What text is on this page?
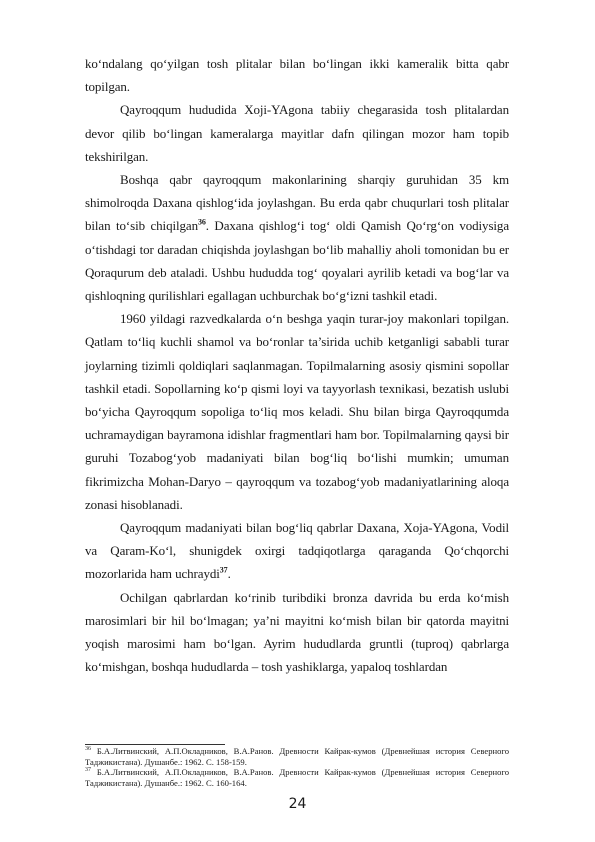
ko‘ndalang qo‘yilgan tosh plitalar bilan bo‘lingan ikki kameralik bitta qabr topilgan.

Qayroqqum hududida Xoji-YAgona tabiiy chegarasida tosh plitalardan devor qilib bo‘lingan kameralarga mayitlar dafn qilingan mozor ham topib tekshirilgan.

Boshqa qabr qayroqqum makonlarining sharqiy guruhidan 35 km shimolroqda Daxana qishlog‘ida joylashgan. Bu erda qabr chuqurlari tosh plitalar bilan to‘sib chiqilgan$^{36}$. Daxana qishlog‘i tog‘ oldi Qamish Qo‘rg‘on vodiysiga o‘tishdagi tor daradan chiqishda joylashgan bo‘lib mahalliy aholi tomonidan bu er Qoraqurum deb ataladi. Ushbu hududda tog‘ qoyalari ayrilib ketadi va bog‘lar va qishloqning qurilishlari egallagan uchburchak bo‘g‘izni tashkil etadi.

1960 yildagi razvedkalarda o‘n beshga yaqin turar-joy makonlari topilgan. Qatlam to‘liq kuchli shamol va bo‘ronlar ta’sirida uchib ketganligi sababli turar joylarning tizimli qoldiqlari saqlanmagan. Topilmalarning asosiy qismini sopollar tashkil etadi. Sopollarning ko‘p qismi loyi va tayyorlash texnikasi, bezatish uslubi bo‘yicha Qayroqqum sopoliga to‘liq mos keladi. Shu bilan birga Qayroqqumda uchramaydigan bayramona idishlar fragmentlari ham bor. Topilmalarning qaysi bir guruhi Tozabog‘yob madaniyati bilan bog‘liq bo‘lishi mumkin; umuman fikrimizcha Mohan-Daryo – qayroqqum va tozabog‘yob madaniyatlarining aloqa zonasi hisoblanadi.

Qayroqqum madaniyati bilan bog‘liq qabrlar Daxana, Xoja-YAgona, Vodil va Qaram-Ko‘l, shunigdek oxirgi tadqiqotlarga qaraganda Qo‘chqorchi mozorlarida ham uchraydi$^{37}$.

Ochilgan qabrlardan ko‘rinib turibdiki bronza davrida bu erda ko‘mish marosimlari bir hil bo‘lmagan; ya’ni mayitni ko‘mish bilan bir qatorda mayitni yoqish marosimi ham bo‘lgan. Ayrim hududlarda gruntli (tuproq) qabrlarga ko‘mishgan, boshqa hududlarda – tosh yashiklarga, yapaloq toshlardan

$^{36}$ Б.А.Литвинский, А.П.Окладников, В.А.Ранов. Древности Кайрак-кумов (Древнейшая история Северного Таджикистана). Душанбе.: 1962. С. 158-159.
$^{37}$ Б.А.Литвинский, А.П.Окладников, В.А.Ранов. Древности Кайрак-кумов (Древнейшая история Северного Таджикистана). Душанбе.: 1962. С. 160-164.
24
